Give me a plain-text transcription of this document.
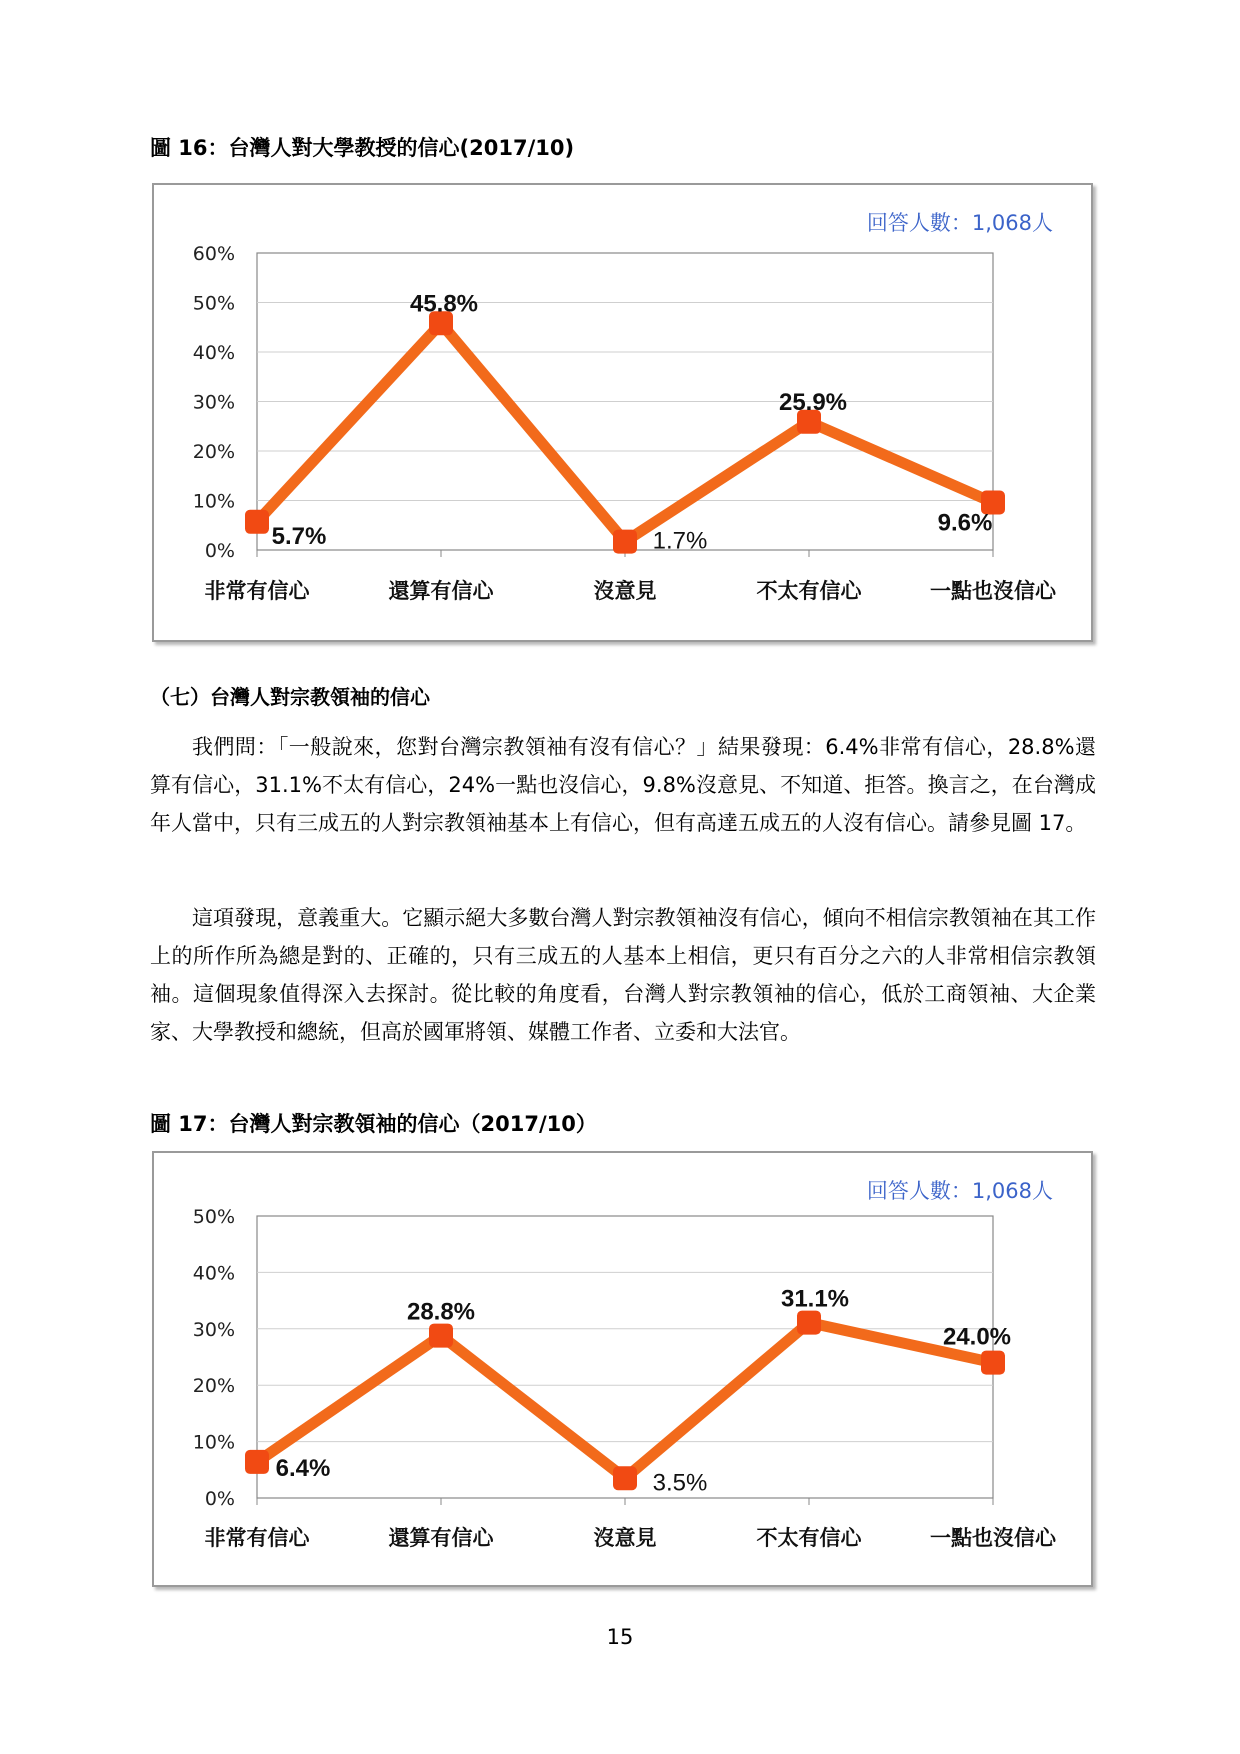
圖 16：台灣人對大學教授的信心(2017/10)
回答人數：1,068人
0%
10%
20%
30%
40%
50%
60%
5.7%
45.8%
1.7%
25.9%
9.6%
非常有信心	還算有信心	沒意見	不太有信心	一點也沒信心
（七）台灣人對宗教領袖的信心

我們問：「一般說來，您對台灣宗教領袖有沒有信心？」結果發現：6.4%非常有信心，28.8%還算有信心，31.1%不太有信心，24%一點也沒信心，9.8%沒意見、不知道、拒答。換言之，在台灣成年人當中，只有三成五的人對宗教領袖基本上有信心，但有高達五成五的人沒有信心。請參見圖 17。

這項發現，意義重大。它顯示絕大多數台灣人對宗教領袖沒有信心，傾向不相信宗教領袖在其工作上的所作所為總是對的、正確的，只有三成五的人基本上相信，更只有百分之六的人非常相信宗教領袖。這個現象值得深入去探討。從比較的角度看，台灣人對宗教領袖的信心，低於工商領袖、大企業家、大學教授和總統，但高於國軍將領、媒體工作者、立委和大法官。

圖 17：台灣人對宗教領袖的信心（2017/10）
回答人數：1,068人
0%
10%
20%
30%
40%
50%
6.4%
28.8%
3.5%
31.1%
24.0%
非常有信心	還算有信心	沒意見	不太有信心	一點也沒信心
15
